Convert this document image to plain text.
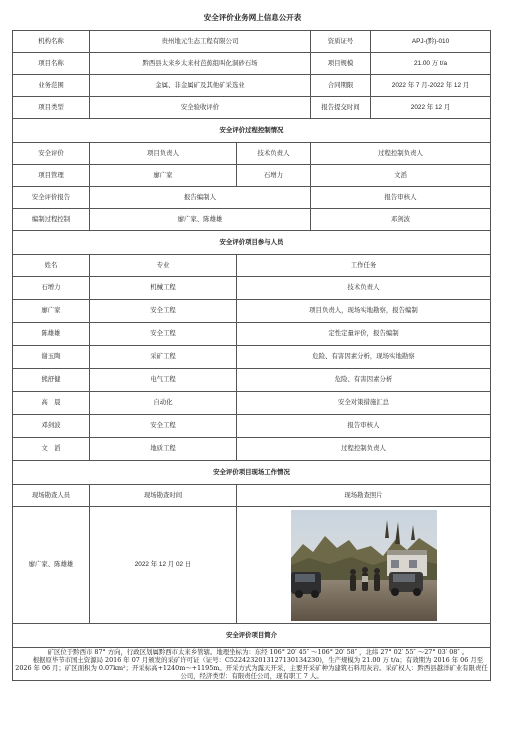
安全评价业务网上信息公开表
机构名称	贵州地元生态工程有限公司		资质证号	APJ-(黔)-010
项目名称	黔西县太来乡太来村芭蕉组叫化洞砂石场		项目规模	21.00 万 t/a
业务范围	金属、非金属矿及其他矿采选业		合同期限	2022 年 7 月-2022 年 12 月
项目类型	安全验收评价		报告提交时间	2022 年 12 月
安全评价过程控制情况				
安全评价	项目负责人	技术负责人	过程控制负责人	
项目管理	廖广家	石增力	文滔	
安全评价报告	报告编制人		报告审核人	
编制过程控制	廖广家、陈雄雄		邓剑波	
安全评价项目参与人员				
姓名	专业	工作任务		
石增力	机械工程	技术负责人		
廖广家	安全工程	项目负责人，现场实地勘察，报告编制		
陈雄雄	安全工程	定性定量评价，报告编制		
谢玉陶	采矿工程	危险、有害因素分析，现场实地勘察		
熊舒健	电气工程	危险、有害因素分析		
高　晨	自动化	安全对策措施汇总		
邓剑波	安全工程	报告审核人		
文　滔	地质工程	过程控制负责人		
安全评价项目现场工作情况				
现场勘查人员	现场勘查时间	现场勘查照片		
廖广家、陈雄雄	2022 年 12 月 02 日	

安全评价项目简介				

矿区位于黔西市 87° 方向，行政区划属黔西市太来乡管辖。地理坐标为：东经 106° 20′ 45″ ～106° 20′ 58″ ，北纬 27° 02′ 55″ ～27° 03′ 08″ 。

根据原毕节市国土资源局 2016 年 07 月颁发的采矿许可证（证号：C5224232013127130134230)，生产规模为 21.00 万 t/a；有效期为 2016 年 06 月至 2026 年 06 月；矿区面积为 0.07km²；开采标高+1240m～+1195m。开采方式为露天开采，主要开采矿种为建筑石料用灰岩。采矿权人：黔西县越洋矿业有限责任公司，经济类型：有限责任公司，现有职工 7 人。				
